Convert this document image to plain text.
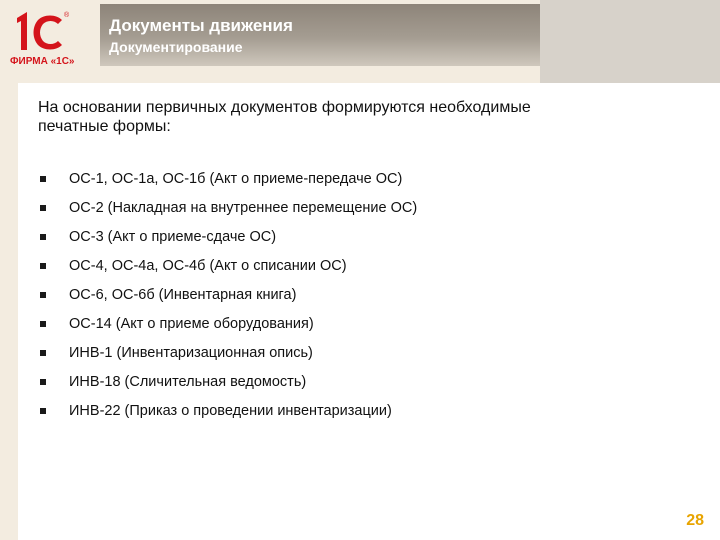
®
ФИРМА «1С»
Документы движения
Документирование

На основании первичных документов формируются необходимые печатные формы:

ОС-1, ОС-1а, ОС-1б (Акт о приеме-передаче ОС)
ОС-2 (Накладная на внутреннее перемещение ОС)
ОС-3 (Акт о приеме-сдаче ОС)
ОС-4, ОС-4а, ОС-4б (Акт о списании ОС)
ОС-6, ОС-6б (Инвентарная книга)
ОС-14 (Акт о приеме оборудования)
ИНВ-1 (Инвентаризационная опись)
ИНВ-18 (Сличительная ведомость)
ИНВ-22 (Приказ о проведении инвентаризации)
28
